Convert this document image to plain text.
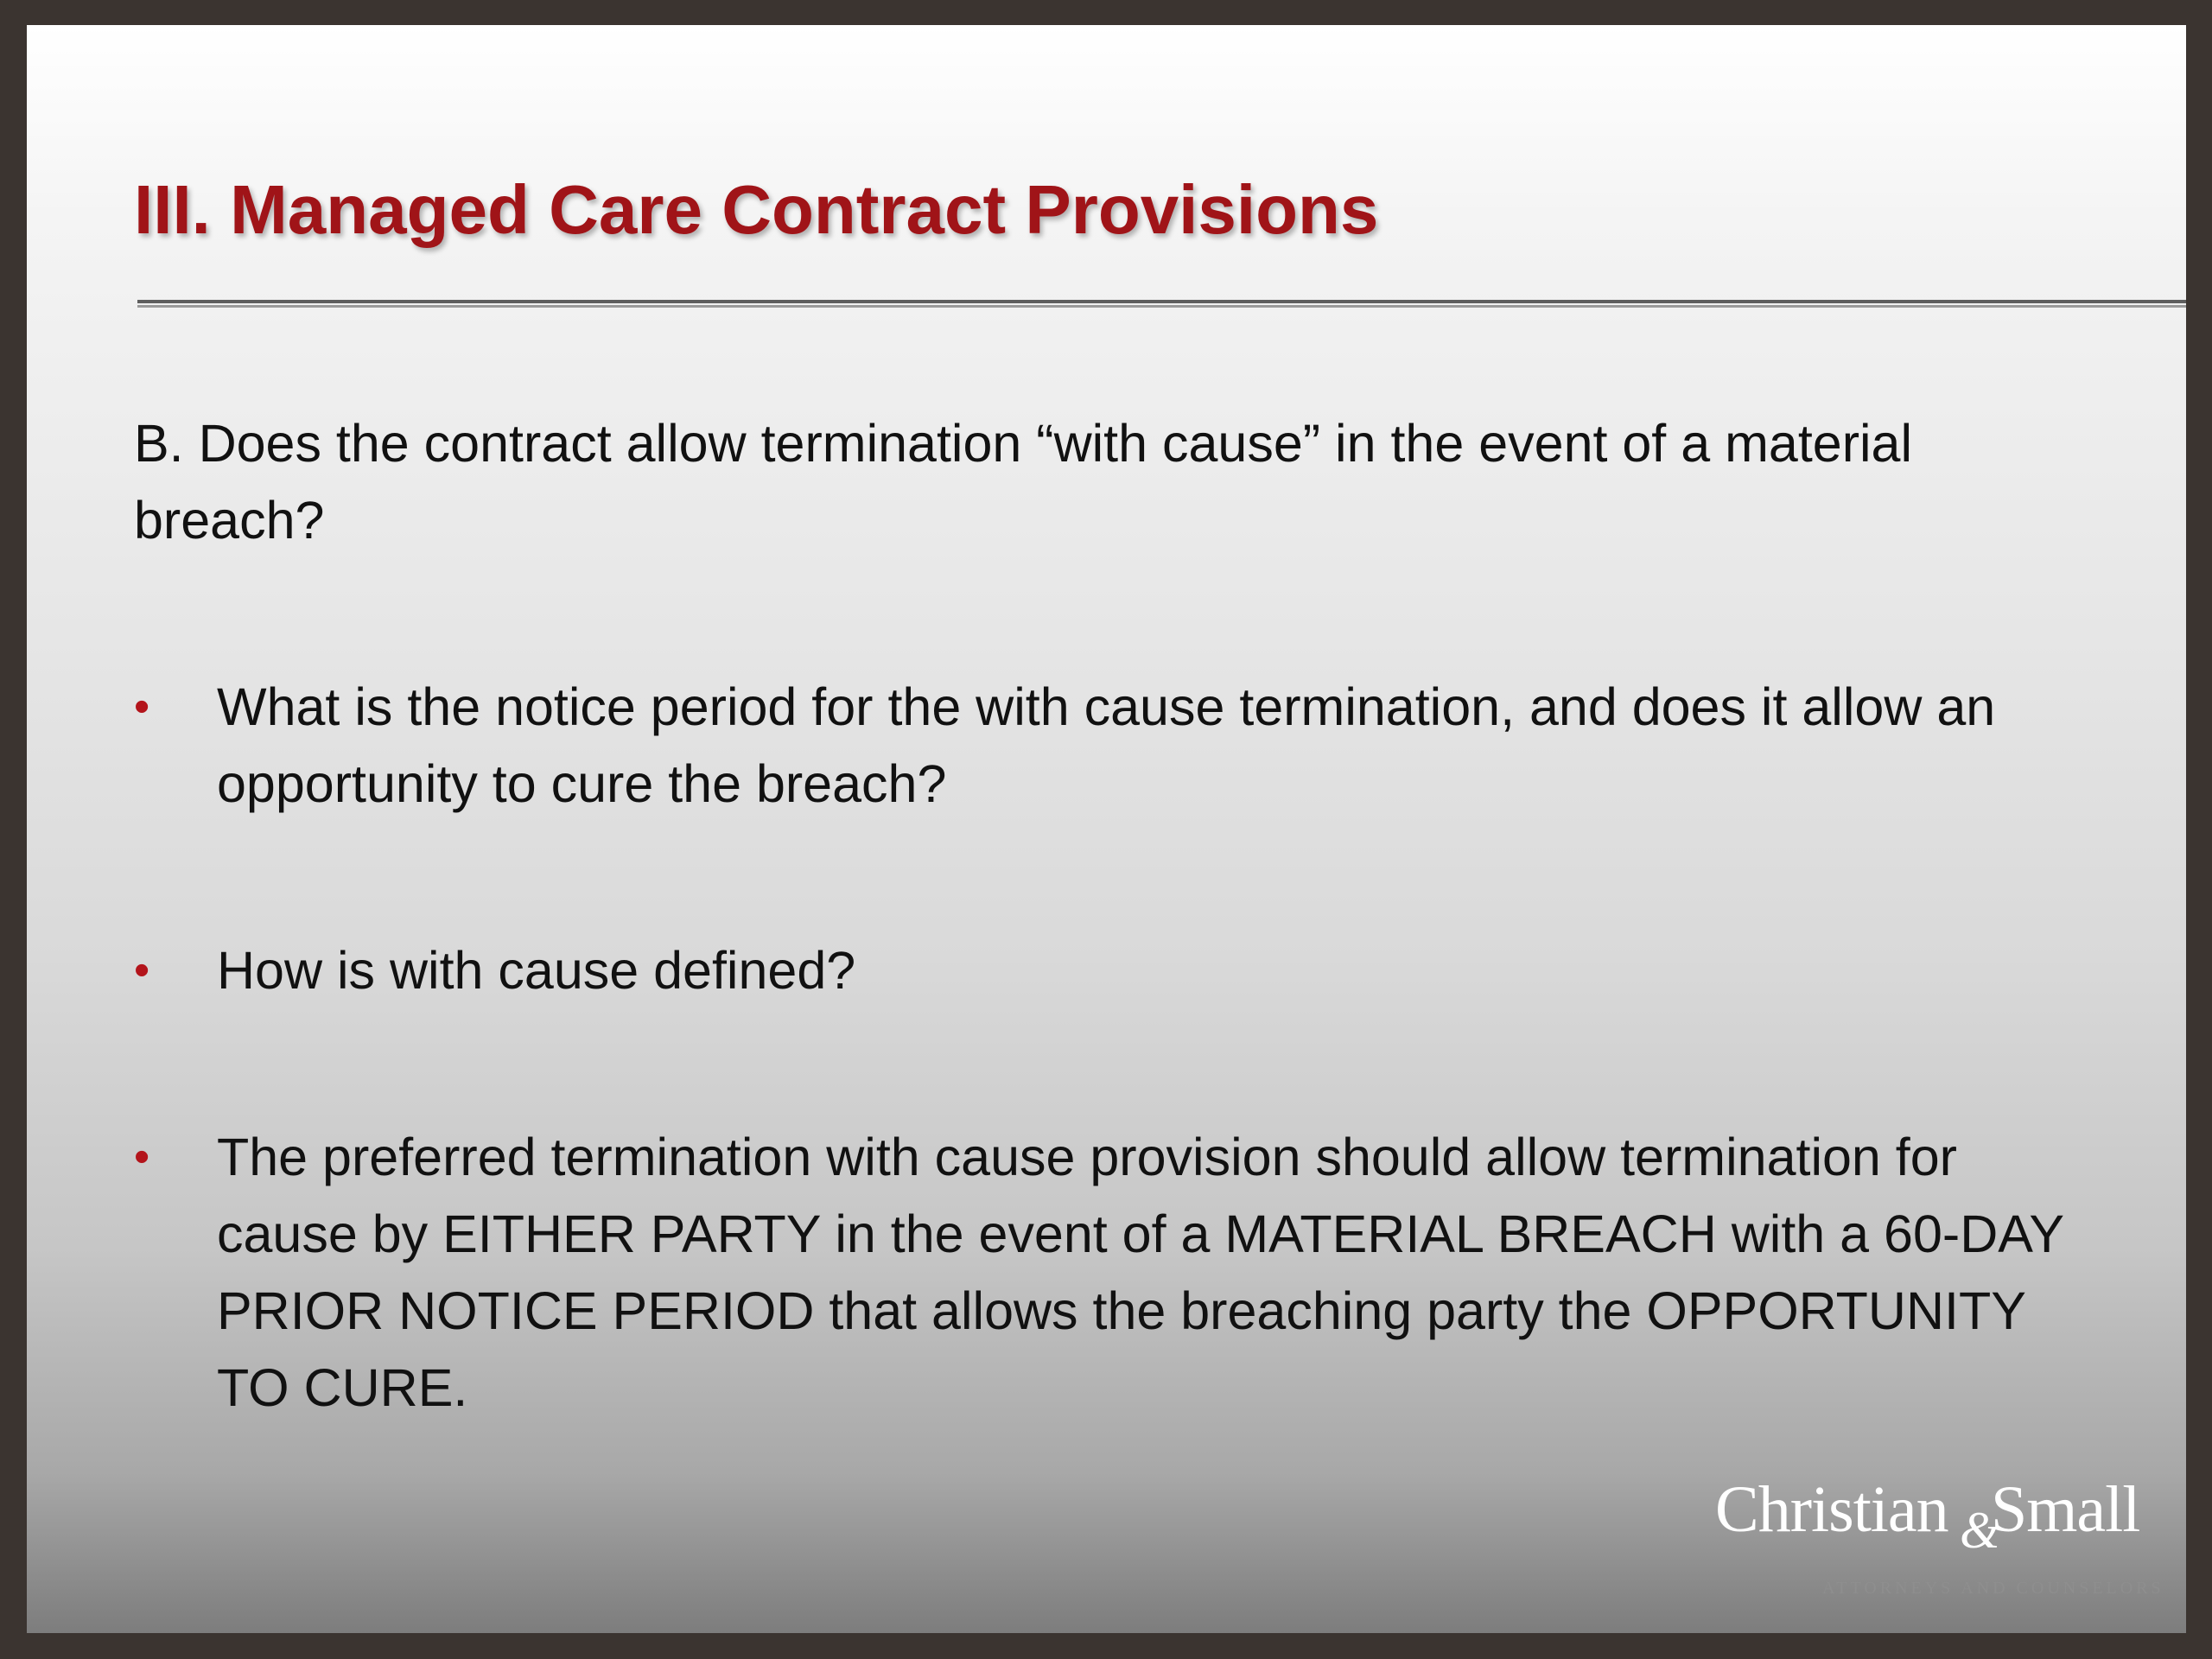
III. Managed Care Contract Provisions

B. Does the contract allow termination “with cause” in the event of a material breach?

•	What is the notice period for the with cause termination, and does it allow an opportunity to cure the breach?
•	How is with cause defined?
•	The preferred termination with cause provision should allow termination for cause by EITHER PARTY in the event of a MATERIAL BREACH with a 60-DAY PRIOR NOTICE PERIOD that allows the breaching party the OPPORTUNITY TO CURE.
Christian &
Small
ATTORNEYS AND COUNSELORS
